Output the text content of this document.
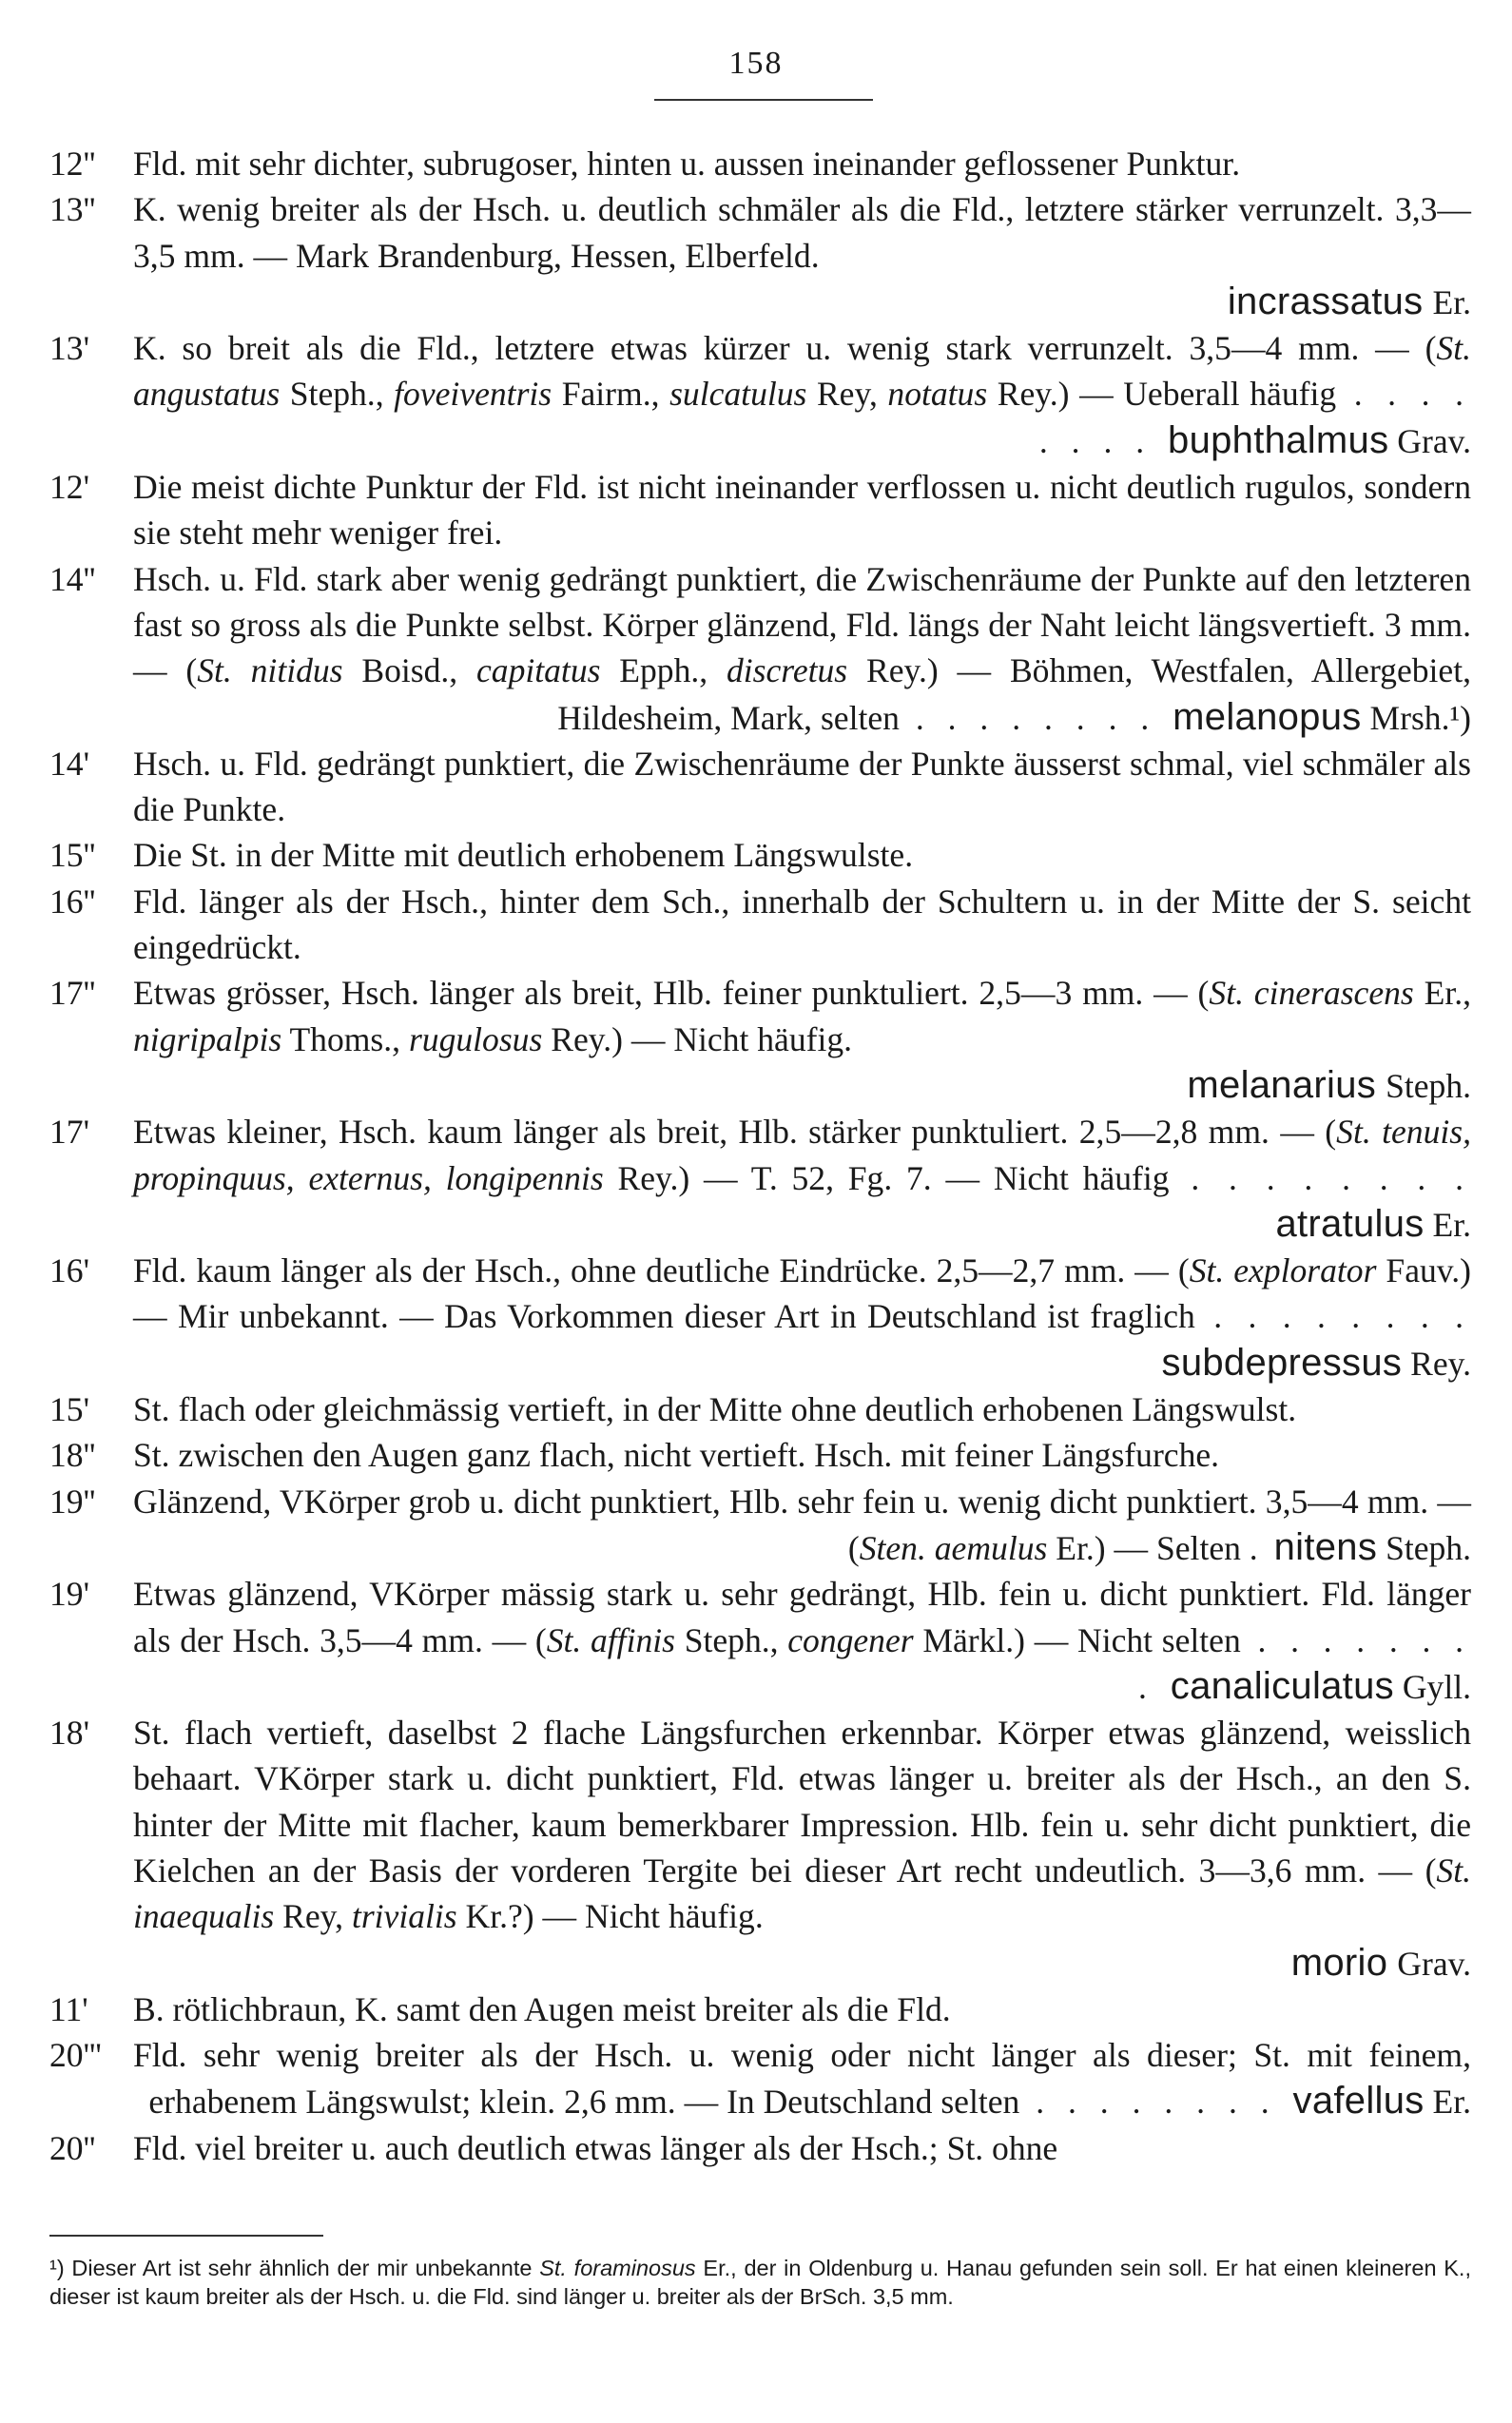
158
12''	Fld. mit sehr dichter, subrugoser, hinten u. aussen ineinander geflossener Punktur.
13''	K. wenig breiter als der Hsch. u. deutlich schmäler als die Fld., letztere stärker verrunzelt. 3,3—3,5 mm. — Mark Brandenburg, Hessen, Elberfeld.
incrassatus Er.
13'	K. so breit als die Fld., letztere etwas kürzer u. wenig stark verrunzelt. 3,5—4 mm. — (St. angustatus Steph., foveiventris Fairm., sulcatulus Rey, notatus Rey.) — Ueberall häufig . . . . . . . . buphthalmus Grav.
12'	Die meist dichte Punktur der Fld. ist nicht ineinander verflossen u. nicht deutlich rugulos, sondern sie steht mehr weniger frei.
14''	Hsch. u. Fld. stark aber wenig gedrängt punktiert, die Zwischenräume der Punkte auf den letzteren fast so gross als die Punkte selbst. Körper glänzend, Fld. längs der Naht leicht längsvertieft. 3 mm. — (St. nitidus Boisd., capitatus Epph., discretus Rey.) — Böhmen, Westfalen, Allergebiet, Hildesheim, Mark, selten . . . . . . . . melanopus Mrsh.¹)
14'	Hsch. u. Fld. gedrängt punktiert, die Zwischenräume der Punkte äusserst schmal, viel schmäler als die Punkte.
15''	Die St. in der Mitte mit deutlich erhobenem Längswulste.
16''	Fld. länger als der Hsch., hinter dem Sch., innerhalb der Schultern u. in der Mitte der S. seicht eingedrückt.
17''	Etwas grösser, Hsch. länger als breit, Hlb. feiner punktuliert. 2,5—3 mm. — (St. cinerascens Er., nigripalpis Thoms., rugulosus Rey.) — Nicht häufig.
melanarius Steph.
17'	Etwas kleiner, Hsch. kaum länger als breit, Hlb. stärker punktuliert. 2,5—2,8 mm. — (St. tenuis, propinquus, externus, longipennis Rey.) — T. 52, Fg. 7. — Nicht häufig . . . . . . . . atratulus Er.
16'	Fld. kaum länger als der Hsch., ohne deutliche Eindrücke. 2,5—2,7 mm. — (St. explorator Fauv.) — Mir unbekannt. — Das Vorkommen dieser Art in Deutschland ist fraglich . . . . . . . . subdepressus Rey.
15'	St. flach oder gleichmässig vertieft, in der Mitte ohne deutlich erhobenen Längswulst.
18''	St. zwischen den Augen ganz flach, nicht vertieft. Hsch. mit feiner Längsfurche.
19''	Glänzend, VKörper grob u. dicht punktiert, Hlb. sehr fein u. wenig dicht punktiert. 3,5—4 mm. — (Sten. aemulus Er.) — Selten . nitens Steph.
19'	Etwas glänzend, VKörper mässig stark u. sehr gedrängt, Hlb. fein u. dicht punktiert. Fld. länger als der Hsch. 3,5—4 mm. — (St. affinis Steph., congener Märkl.) — Nicht selten . . . . . . . . canaliculatus Gyll.
18'	St. flach vertieft, daselbst 2 flache Längsfurchen erkennbar. Körper etwas glänzend, weisslich behaart. VKörper stark u. dicht punktiert, Fld. etwas länger u. breiter als der Hsch., an den S. hinter der Mitte mit flacher, kaum bemerkbarer Impression. Hlb. fein u. sehr dicht punktiert, die Kielchen an der Basis der vorderen Tergite bei dieser Art recht undeutlich. 3—3,6 mm. — (St. inaequalis Rey, trivialis Kr.?) — Nicht häufig.
morio Grav.
11'	B. rötlichbraun, K. samt den Augen meist breiter als die Fld.
20''' Fld. sehr wenig breiter als der Hsch. u. wenig oder nicht länger als dieser; St. mit feinem, erhabenem Längswulst; klein. 2,6 mm. — In Deutschland selten . . . . . . . . vafellus Er.
20''	Fld. viel breiter u. auch deutlich etwas länger als der Hsch.; St. ohne
¹) Dieser Art ist sehr ähnlich der mir unbekannte St. foraminosus Er., der in Oldenburg u. Hanau gefunden sein soll. Er hat einen kleineren K., dieser ist kaum breiter als der Hsch. u. die Fld. sind länger u. breiter als der BrSch. 3,5 mm.
